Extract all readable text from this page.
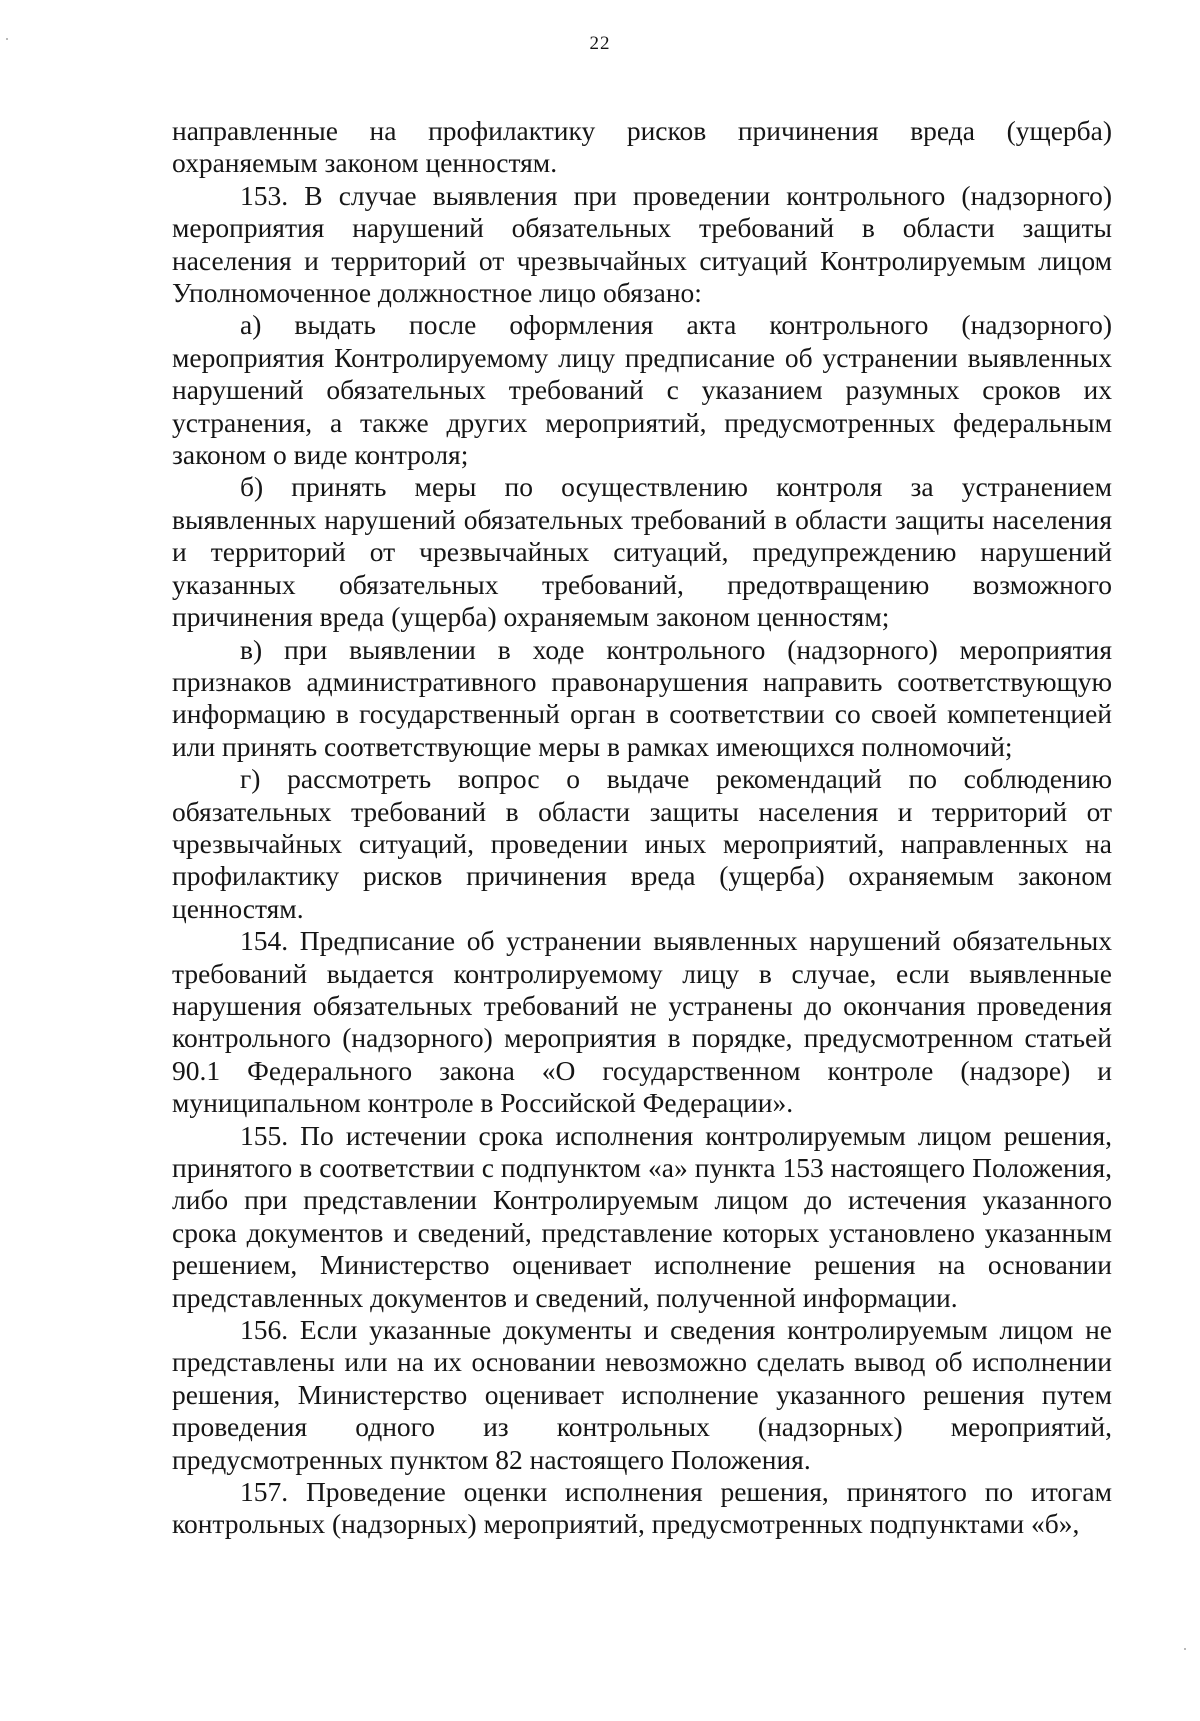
22

направленные на профилактику рисков причинения вреда (ущерба) охраняемым законом ценностям.

153. В случае выявления при проведении контрольного (надзорного) мероприятия нарушений обязательных требований в области защиты населения и территорий от чрезвычайных ситуаций Контролируемым лицом Уполномоченное должностное лицо обязано:

а) выдать после оформления акта контрольного (надзорного) мероприятия Контролируемому лицу предписание об устранении выявленных нарушений обязательных требований с указанием разумных сроков их устранения, а также других мероприятий, предусмотренных федеральным законом о виде контроля;

б) принять меры по осуществлению контроля за устранением выявленных нарушений обязательных требований в области защиты населения и территорий от чрезвычайных ситуаций, предупреждению нарушений указанных обязательных требований, предотвращению возможного причинения вреда (ущерба) охраняемым законом ценностям;

в) при выявлении в ходе контрольного (надзорного) мероприятия признаков административного правонарушения направить соответствующую информацию в государственный орган в соответствии со своей компетенцией или принять соответствующие меры в рамках имеющихся полномочий;

г) рассмотреть вопрос о выдаче рекомендаций по соблюдению обязательных требований в области защиты населения и территорий от чрезвычайных ситуаций, проведении иных мероприятий, направленных на профилактику рисков причинения вреда (ущерба) охраняемым законом ценностям.

154. Предписание об устранении выявленных нарушений обязательных требований выдается контролируемому лицу в случае, если выявленные нарушения обязательных требований не устранены до окончания проведения контрольного (надзорного) мероприятия в порядке, предусмотренном статьей 90.1 Федерального закона «О государственном контроле (надзоре) и муниципальном контроле в Российской Федерации».

155. По истечении срока исполнения контролируемым лицом решения, принятого в соответствии с подпунктом «а» пункта 153 настоящего Положения, либо при представлении Контролируемым лицом до истечения указанного срока документов и сведений, представление которых установлено указанным решением, Министерство оценивает исполнение решения на основании представленных документов и сведений, полученной информации.

156. Если указанные документы и сведения контролируемым лицом не представлены или на их основании невозможно сделать вывод об исполнении решения, Министерство оценивает исполнение указанного решения путем проведения одного из контрольных (надзорных) мероприятий, предусмотренных пунктом 82 настоящего Положения.

157. Проведение оценки исполнения решения, принятого по итогам контрольных (надзорных) мероприятий, предусмотренных подпунктами «б»,
